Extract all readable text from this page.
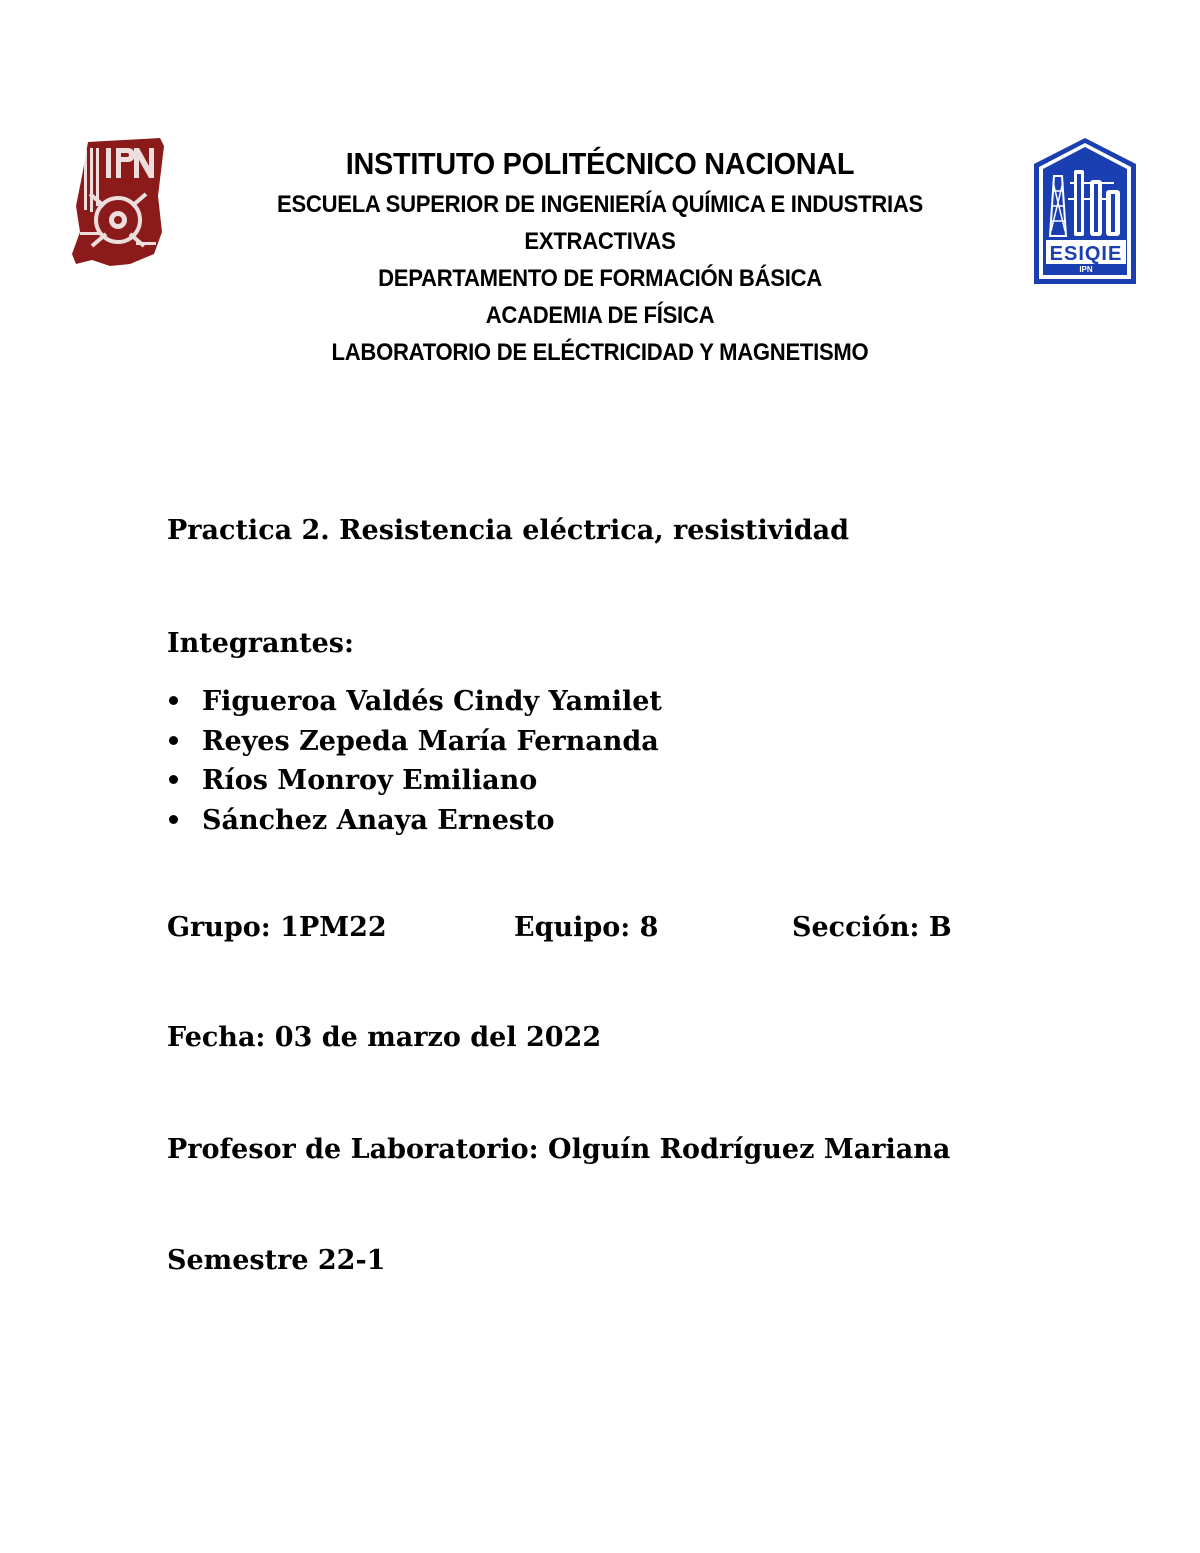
ESIQIE
IPN
INSTITUTO POLITÉCNICO NACIONAL
ESCUELA SUPERIOR DE INGENIERÍA QUÍMICA E INDUSTRIAS
EXTRACTIVAS
DEPARTAMENTO DE FORMACIÓN BÁSICA
ACADEMIA DE FÍSICA
LABORATORIO DE ELÉCTRICIDAD Y MAGNETISMO
Practica 2. Resistencia eléctrica, resistividad
Integrantes:
Figueroa Valdés Cindy Yamilet
Reyes Zepeda María Fernanda
Ríos Monroy Emiliano
Sánchez Anaya Ernesto
Grupo: 1PM22	Equipo: 8	Sección: B
Fecha: 03 de marzo del 2022
Profesor de Laboratorio: Olguín Rodríguez Mariana
Semestre 22-1
